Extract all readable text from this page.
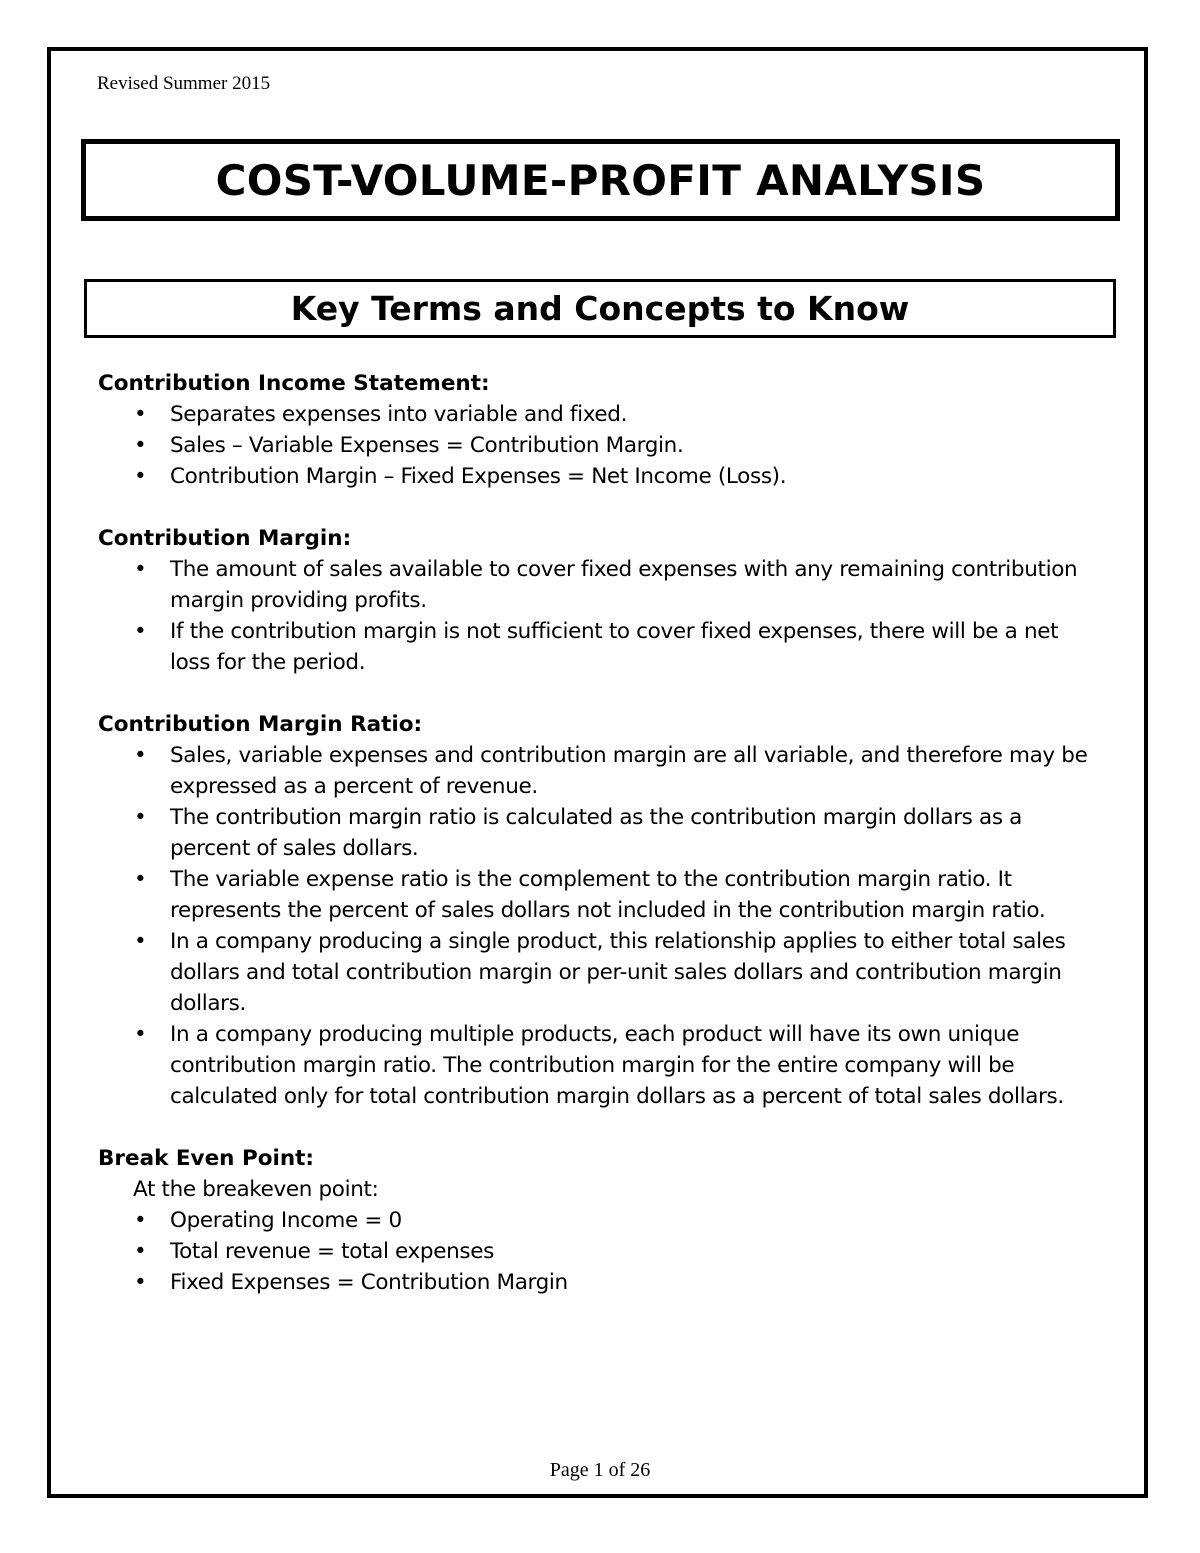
Revised Summer 2015
COST-VOLUME-PROFIT ANALYSIS
Key Terms and Concepts to Know

Contribution Income Statement:

• Separates expenses into variable and fixed.
• Sales – Variable Expenses = Contribution Margin.
• Contribution Margin – Fixed Expenses = Net Income (Loss).

Contribution Margin:

• The amount of sales available to cover fixed expenses with any remaining contribution margin providing profits.
• If the contribution margin is not sufficient to cover fixed expenses, there will be a net loss for the period.

Contribution Margin Ratio:

• Sales, variable expenses and contribution margin are all variable, and therefore may be expressed as a percent of revenue.
• The contribution margin ratio is calculated as the contribution margin dollars as a percent of sales dollars.
• The variable expense ratio is the complement to the contribution margin ratio. It represents the percent of sales dollars not included in the contribution margin ratio.
• In a company producing a single product, this relationship applies to either total sales dollars and total contribution margin or per-unit sales dollars and contribution margin dollars.
• In a company producing multiple products, each product will have its own unique contribution margin ratio. The contribution margin for the entire company will be calculated only for total contribution margin dollars as a percent of total sales dollars.

Break Even Point:

At the breakeven point:

• Operating Income = 0
• Total revenue = total expenses
• Fixed Expenses = Contribution Margin
Page 1 of 26
